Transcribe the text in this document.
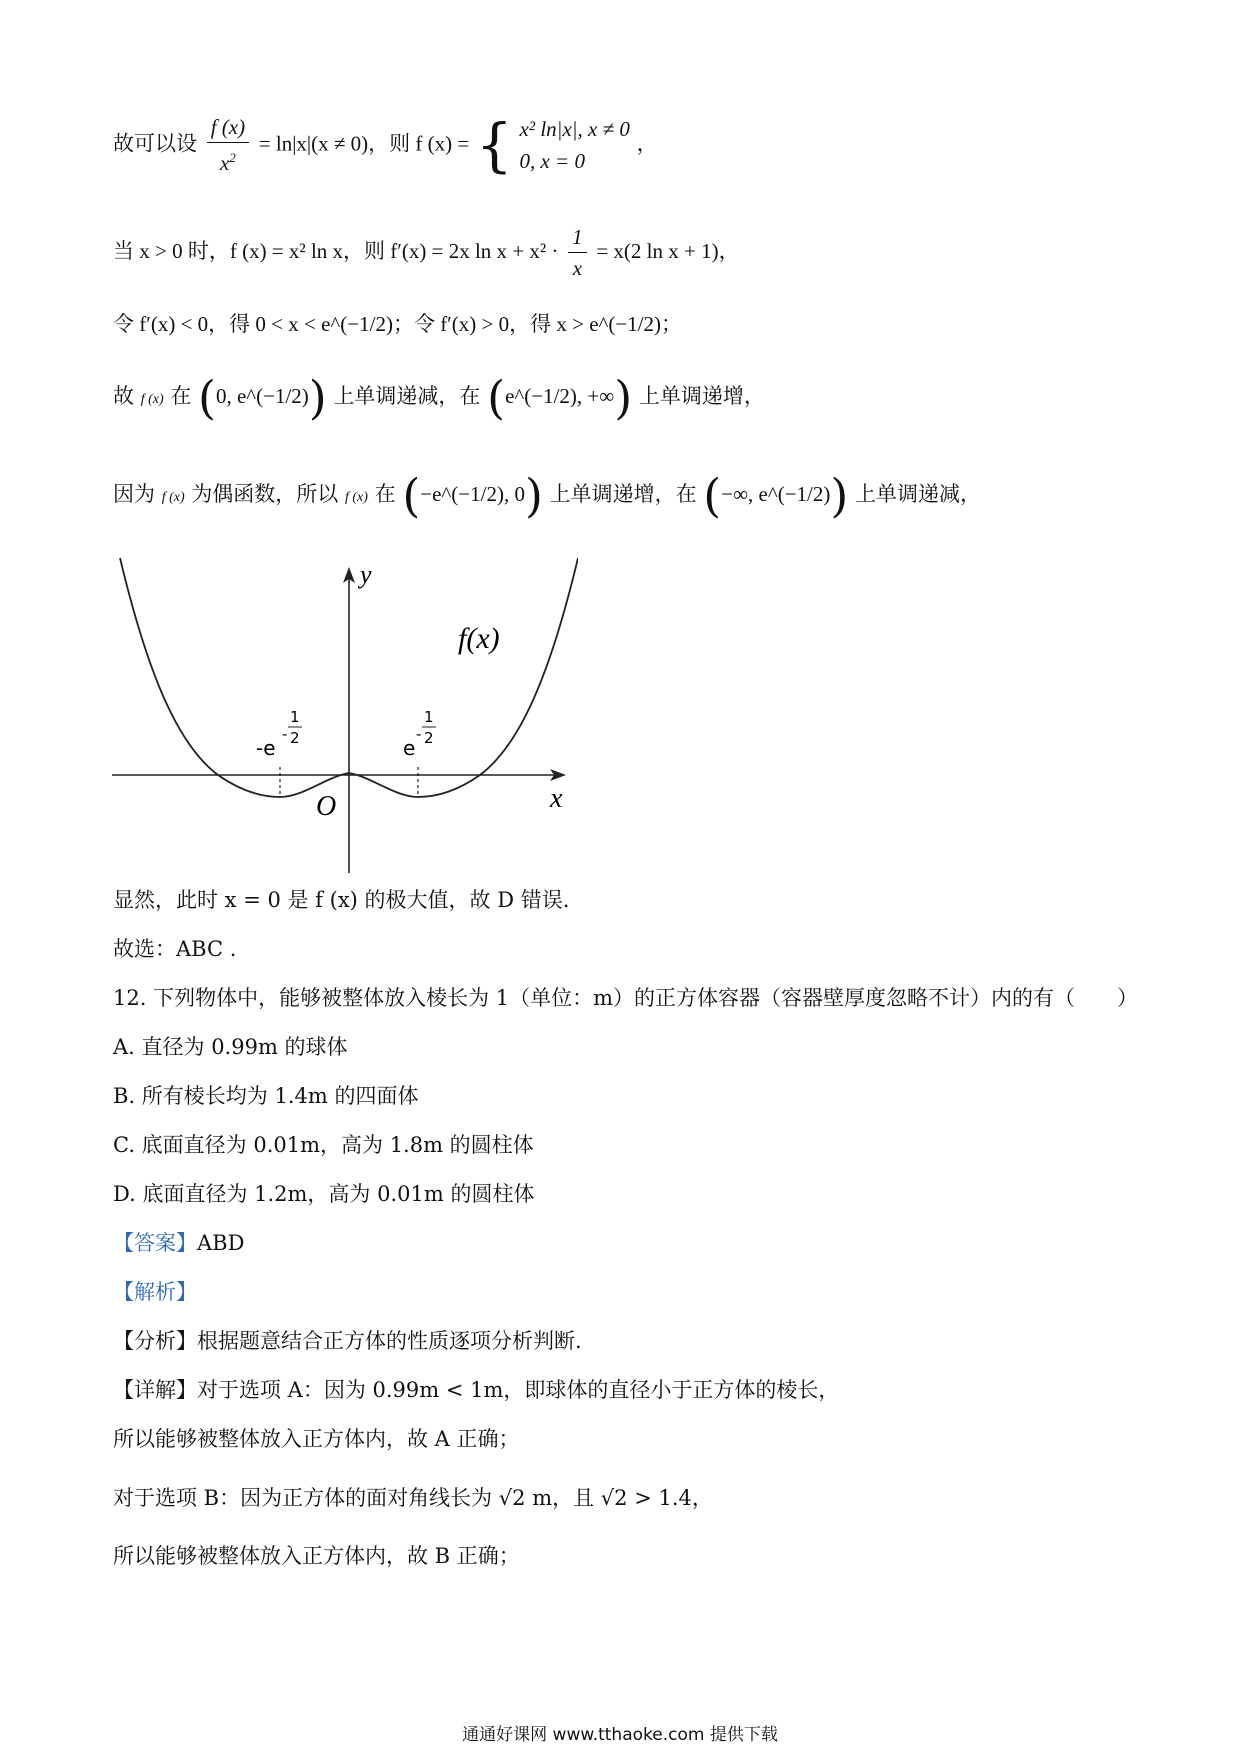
故可以设 $\frac{f (x)}{x^2} = \ln|x|(x \ne 0)$，则 f (x) = { x² ln|x|, x ≠ 0
0, x = 0
，
当 x > 0 时，f (x) = x² ln x，则 f′(x) = 2x $\ln x + x^2 \cdot \frac{1}{x} = x(2$ ln x + 1)，
令 f′(x) < 0，得 0 < x < e^(−1/2)；令 f′(x) > 0，得 x > e^(−1/2)；
故 f (x) 在 (0, e^(−1/2)) 上单调递减，在 (e^(−1/2), +∞) 上单调递增，
因为 f (x) 为偶函数，所以 f (x) 在 (−e^(−1/2), 0) 上单调递增，在 (−∞, e^(−1/2)) 上单调递减，
y
x
O
f(x)
-e
-
1
2	e
-
1
2
显然，此时 x = 0 是 f (x) 的极大值，故 D 错误.
故选：ABC .
12. 下列物体中，能够被整体放入棱长为 1（单位：m）的正方体容器（容器壁厚度忽略不计）内的有（　　）
A. 直径为 0.99m 的球体
B. 所有棱长均为 1.4m 的四面体
C. 底面直径为 0.01m，高为 1.8m 的圆柱体
D. 底面直径为 1.2m，高为 0.01m 的圆柱体
【答案】ABD
【解析】
【分析】根据题意结合正方体的性质逐项分析判断.
【详解】对于选项 A：因为 0.99m < 1m，即球体的直径小于正方体的棱长，
所以能够被整体放入正方体内，故 A 正确；
对于选项 B：因为正方体的面对角线长为 √2 m，且 √2 > 1.4，
所以能够被整体放入正方体内，故 B 正确；
通通好课网 www.tthaoke.com 提供下载
